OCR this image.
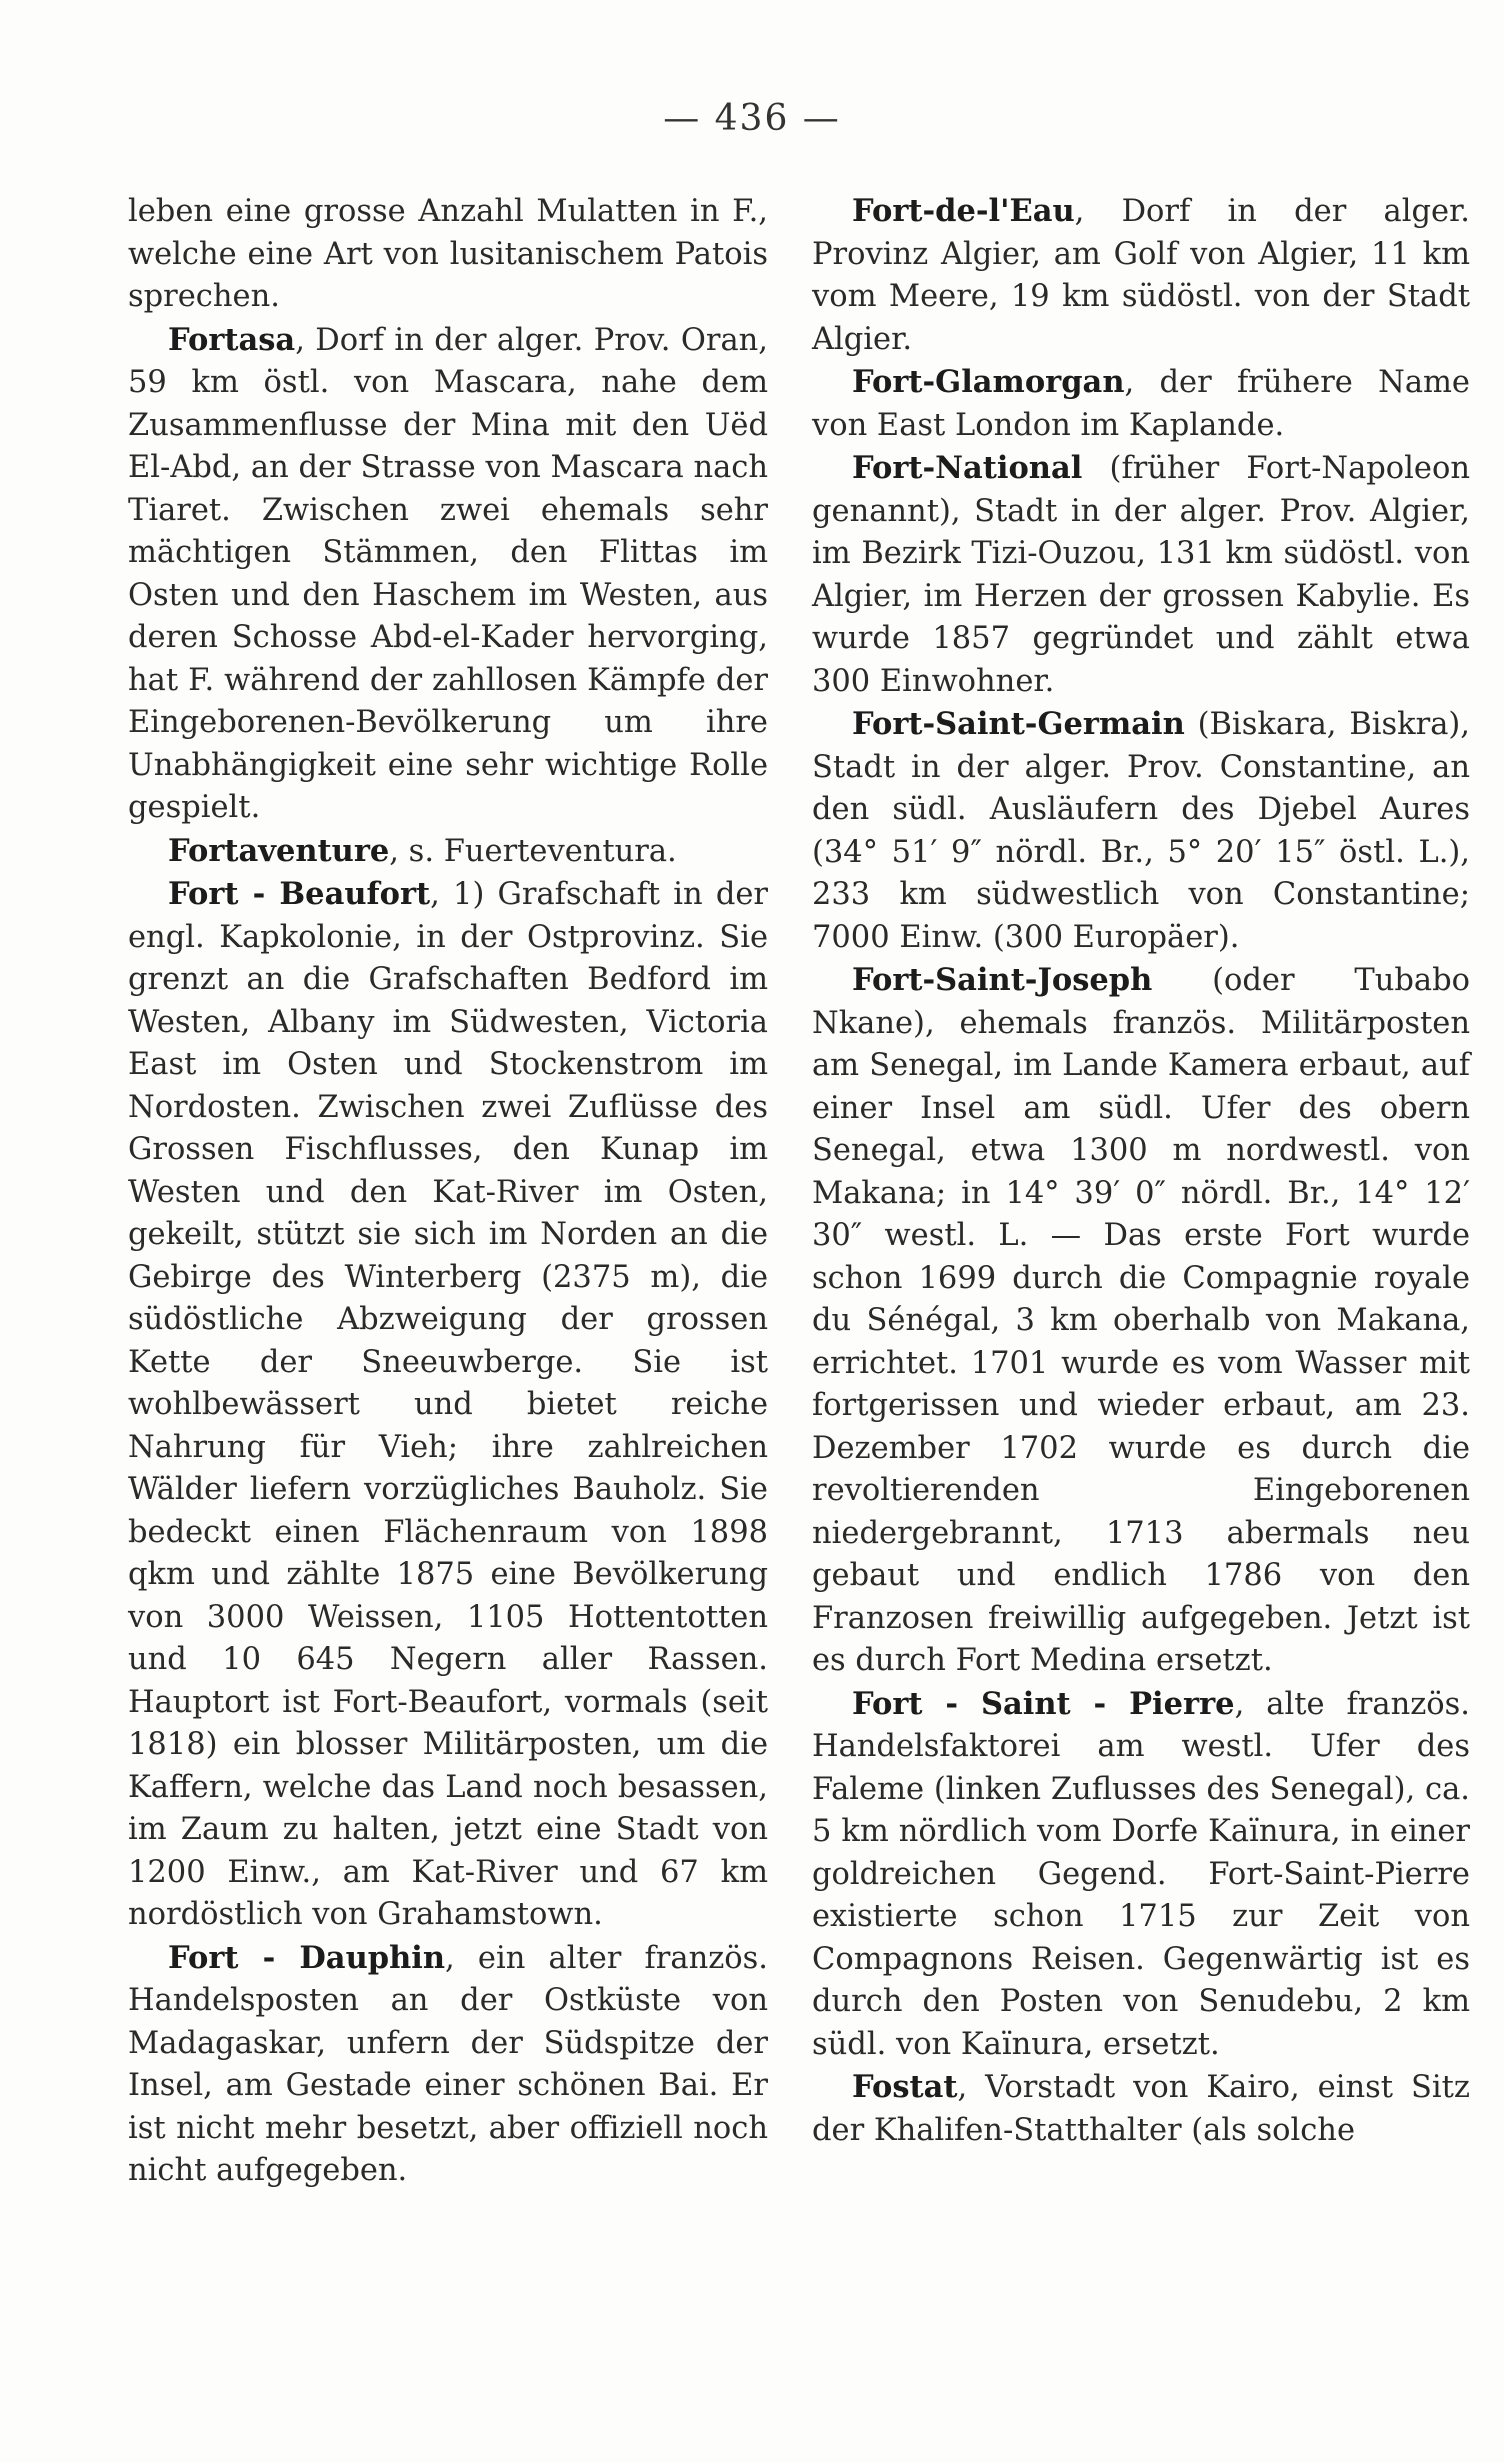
— 436 —

leben eine grosse Anzahl Mulatten in F., welche eine Art von lusitanischem Patois sprechen.

Fortasa, Dorf in der alger. Prov. Oran, 59 km östl. von Mascara, nahe dem Zusammenflusse der Mina mit den Uëd El-Abd, an der Strasse von Mascara nach Tiaret. Zwischen zwei ehemals sehr mächtigen Stämmen, den Flittas im Osten und den Haschem im Westen, aus deren Schosse Abd-el-Kader hervorging, hat F. während der zahllosen Kämpfe der Eingeborenen-Bevölkerung um ihre Unabhängigkeit eine sehr wichtige Rolle gespielt.

Fortaventure, s. Fuerteventura.

Fort - Beaufort, 1) Grafschaft in der engl. Kapkolonie, in der Ostprovinz. Sie grenzt an die Grafschaften Bedford im Westen, Albany im Südwesten, Victoria East im Osten und Stockenstrom im Nordosten. Zwischen zwei Zuflüsse des Grossen Fischflusses, den Kunap im Westen und den Kat-River im Osten, gekeilt, stützt sie sich im Norden an die Gebirge des Winterberg (2375 m), die südöstliche Abzweigung der grossen Kette der Sneeuwberge. Sie ist wohlbewässert und bietet reiche Nahrung für Vieh; ihre zahlreichen Wälder liefern vorzügliches Bauholz. Sie bedeckt einen Flächenraum von 1898 qkm und zählte 1875 eine Bevölkerung von 3000 Weissen, 1105 Hottentotten und 10 645 Negern aller Rassen. Hauptort ist Fort-Beaufort, vormals (seit 1818) ein blosser Militärposten, um die Kaffern, welche das Land noch besassen, im Zaum zu halten, jetzt eine Stadt von 1200 Einw., am Kat-River und 67 km nordöstlich von Grahamstown.

Fort - Dauphin, ein alter französ. Handelsposten an der Ostküste von Madagaskar, unfern der Südspitze der Insel, am Gestade einer schönen Bai. Er ist nicht mehr besetzt, aber offiziell noch nicht aufgegeben.

Fort-de-l'Eau, Dorf in der alger. Provinz Algier, am Golf von Algier, 11 km vom Meere, 19 km südöstl. von der Stadt Algier.

Fort-Glamorgan, der frühere Name von East London im Kaplande.

Fort-National (früher Fort-Napoleon genannt), Stadt in der alger. Prov. Algier, im Bezirk Tizi-Ouzou, 131 km südöstl. von Algier, im Herzen der grossen Kabylie. Es wurde 1857 gegründet und zählt etwa 300 Einwohner.

Fort-Saint-Germain (Biskara, Biskra), Stadt in der alger. Prov. Constantine, an den südl. Ausläufern des Djebel Aures (34° 51′ 9″ nördl. Br., 5° 20′ 15″ östl. L.), 233 km südwestlich von Constantine; 7000 Einw. (300 Europäer).

Fort-Saint-Joseph (oder Tubabo Nkane), ehemals französ. Militärposten am Senegal, im Lande Kamera erbaut, auf einer Insel am südl. Ufer des obern Senegal, etwa 1300 m nordwestl. von Makana; in 14° 39′ 0″ nördl. Br., 14° 12′ 30″ westl. L. — Das erste Fort wurde schon 1699 durch die Compagnie royale du Sénégal, 3 km oberhalb von Makana, errichtet. 1701 wurde es vom Wasser mit fortgerissen und wieder erbaut, am 23. Dezember 1702 wurde es durch die revoltierenden Eingeborenen niedergebrannt, 1713 abermals neu gebaut und endlich 1786 von den Franzosen freiwillig aufgegeben. Jetzt ist es durch Fort Medina ersetzt.

Fort - Saint - Pierre, alte französ. Handelsfaktorei am westl. Ufer des Faleme (linken Zuflusses des Senegal), ca. 5 km nördlich vom Dorfe Kaïnura, in einer goldreichen Gegend. Fort-Saint-Pierre existierte schon 1715 zur Zeit von Compagnons Reisen. Gegenwärtig ist es durch den Posten von Senudebu, 2 km südl. von Kaïnura, ersetzt.

Fostat, Vorstadt von Kairo, einst Sitz der Khalifen-Statthalter (als solche
